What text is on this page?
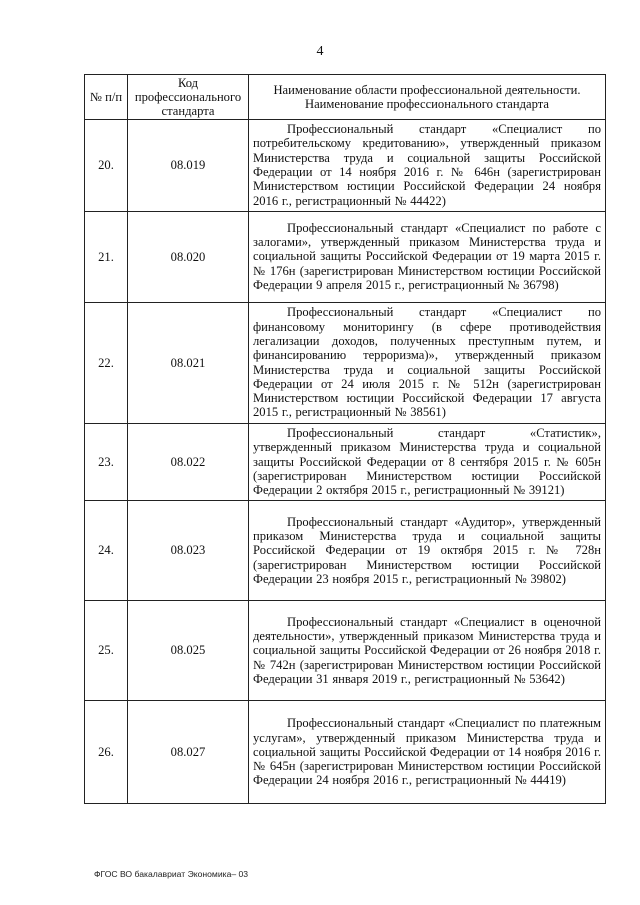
4
№ п/п	Код профессионального стандарта	Наименование области профессиональной деятельности. Наименование профессионального стандарта
20.	08.019	Профессиональный стандарт «Специалист по потребительскому кредитованию», утвержденный приказом Министерства труда и социальной защиты Российской Федерации от 14 ноября 2016 г. № 646н (зарегистрирован Министерством юстиции Российской Федерации 24 ноября 2016 г., регистрационный № 44422)

21.	08.020	Профессиональный стандарт «Специалист по работе с залогами», утвержденный приказом Министерства труда и социальной защиты Российской Федерации от 19 марта 2015 г. № 176н (зарегистрирован Министерством юстиции Российской Федерации 9 апреля 2015 г., регистрационный № 36798)

22.	08.021	Профессиональный стандарт «Специалист по финансовому мониторингу (в сфере противодействия легализации доходов, полученных преступным путем, и финансированию терроризма)», утвержденный приказом Министерства труда и социальной защиты Российской Федерации от 24 июля 2015 г. № 512н (зарегистрирован Министерством юстиции Российской Федерации 17 августа 2015 г., регистрационный № 38561)

23.	08.022	Профессиональный стандарт «Статистик», утвержденный приказом Министерства труда и социальной защиты Российской Федерации от 8 сентября 2015 г. № 605н (зарегистрирован Министерством юстиции Российской Федерации 2 октября 2015 г., регистрационный № 39121)

24.	08.023	Профессиональный стандарт «Аудитор», утвержденный приказом Министерства труда и социальной защиты Российской Федерации от 19 октября 2015 г. № 728н (зарегистрирован Министерством юстиции Российской Федерации 23 ноября 2015 г., регистрационный № 39802)

25.	08.025	Профессиональный стандарт «Специалист в оценочной деятельности», утвержденный приказом Министерства труда и социальной защиты Российской Федерации от 26 ноября 2018 г. № 742н (зарегистрирован Министерством юстиции Российской Федерации 31 января 2019 г., регистрационный № 53642)

26.	08.027	Профессиональный стандарт «Специалист по платежным услугам», утвержденный приказом Министерства труда и социальной защиты Российской Федерации от 14 ноября 2016 г. № 645н (зарегистрирован Министерством юстиции Российской Федерации 24 ноября 2016 г., регистрационный № 44419)
ФГОС ВО бакалавриат Экономика– 03
